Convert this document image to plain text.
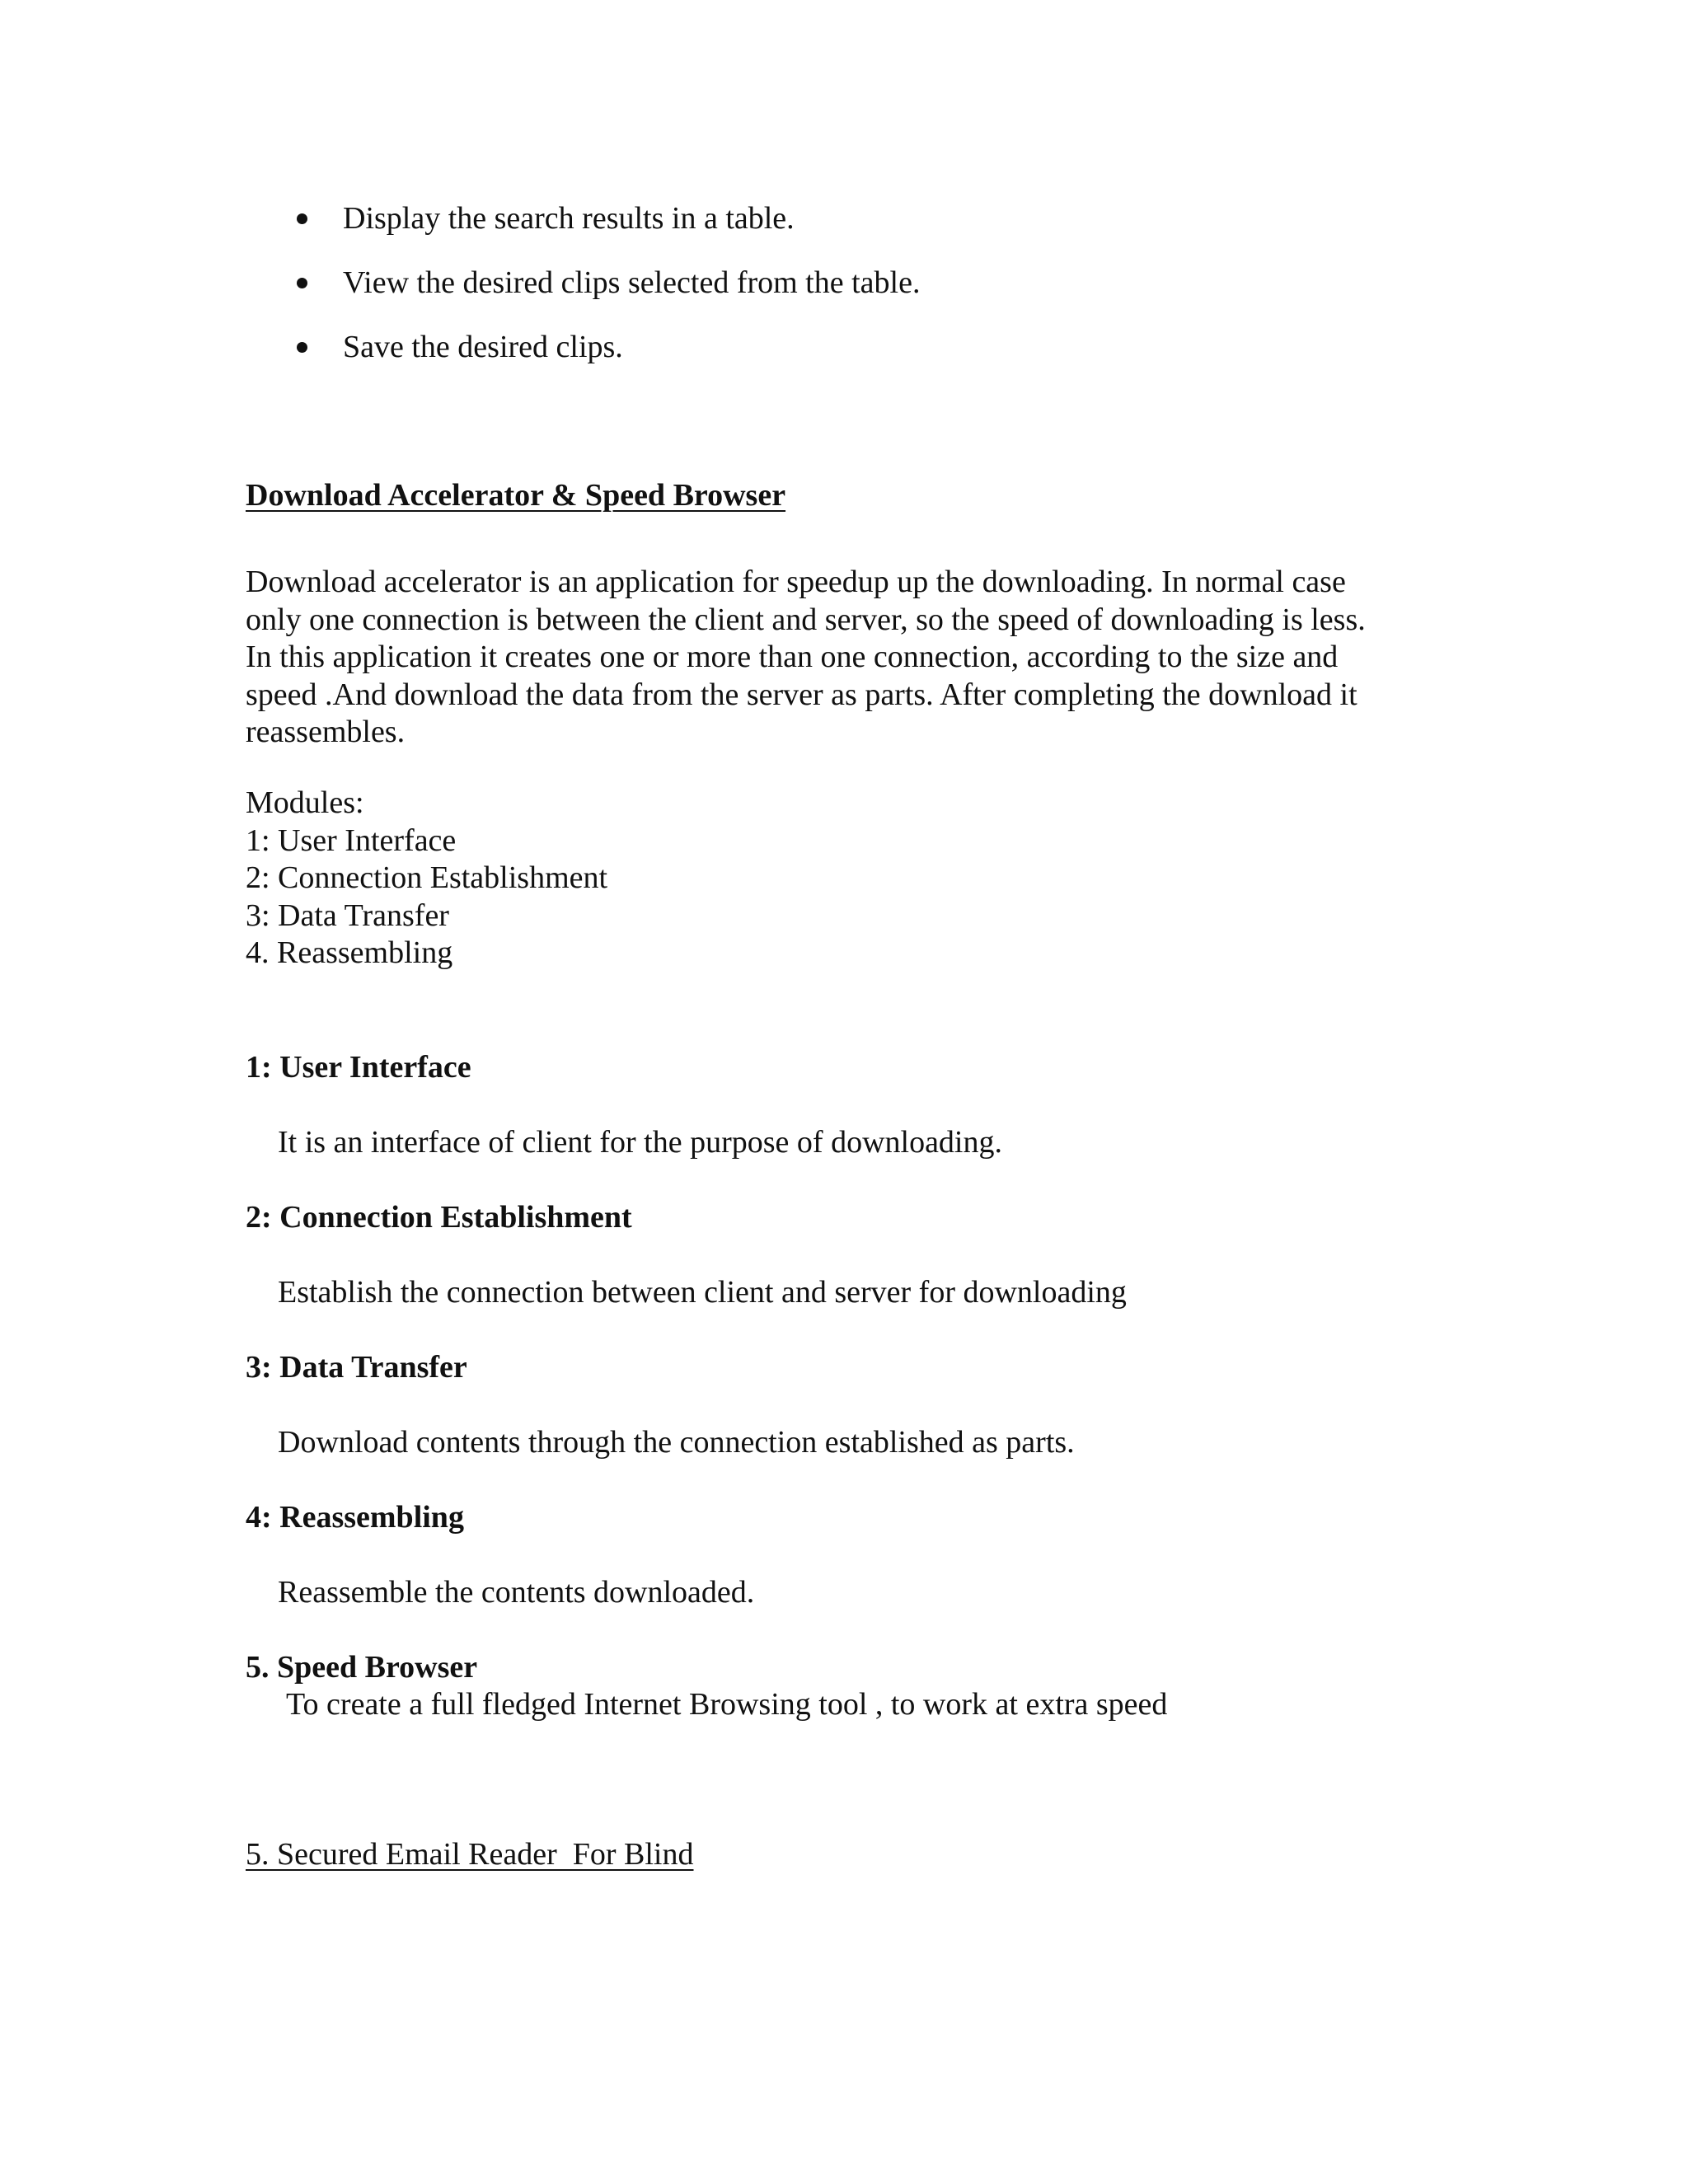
Display the search results in a table.
View the desired clips selected from the table.
Save the desired clips.
Download Accelerator & Speed Browser
Download accelerator is an application for speedup up the downloading. In normal case
only one connection is between the client and server, so the speed of downloading is less.
In this application it creates one or more than one connection, according to the size and
speed .And download the data from the server as parts. After completing the download it
reassembles.
Modules:
1: User Interface
2: Connection Establishment
3: Data Transfer
4. Reassembling
1: User Interface
It is an interface of client for the purpose of downloading.
2: Connection Establishment
Establish the connection between client and server for downloading
3: Data Transfer
Download contents through the connection established as parts.
4: Reassembling
Reassemble the contents downloaded.
5. Speed Browser
To create a full fledged Internet Browsing tool , to work at extra speed
5. Secured Email Reader  For Blind
